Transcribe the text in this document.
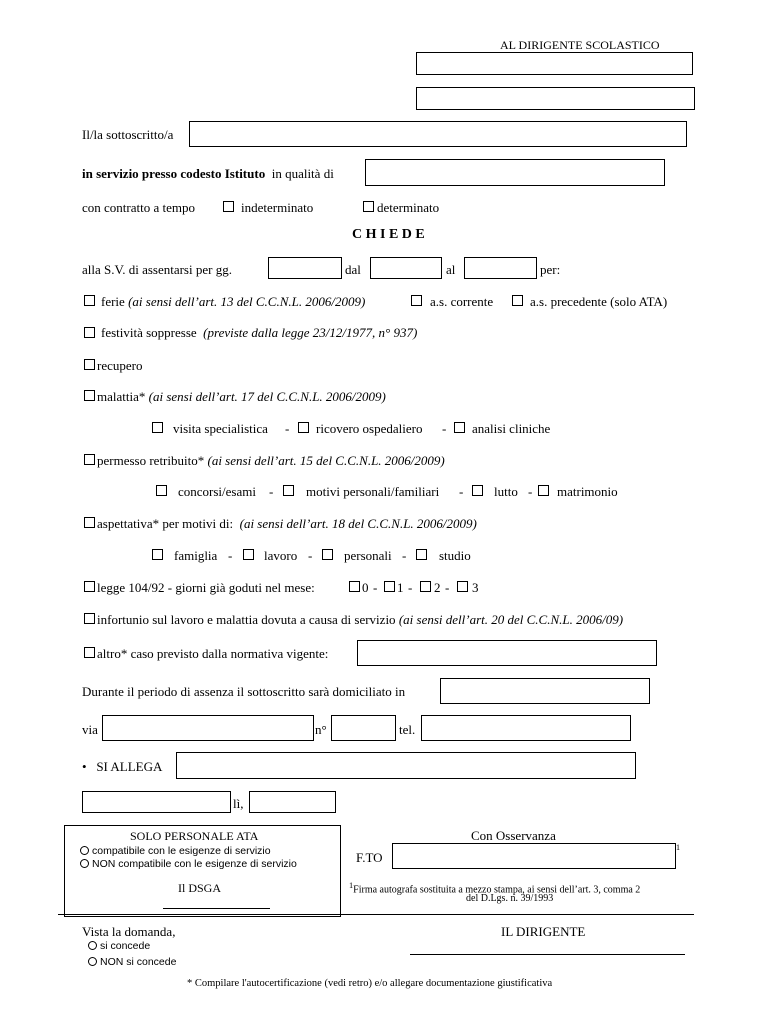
AL DIRIGENTE SCOLASTICO
Il/la sottoscritto/a
in servizio presso codesto Istituto in qualità di
con contratto a tempo	indeterminato	determinato
C H I E D E
alla S.V. di assentarsi per gg.	dal	al	per:
ferie (ai sensi dell’art. 13 del C.C.N.L. 2006/2009)	a.s. corrente	a.s. precedente (solo ATA)
festività soppresse (previste dalla legge 23/12/1977, n° 937)
recupero
malattia* (ai sensi dell’art. 17 del C.C.N.L. 2006/2009)
visita specialistica - ricovero ospedaliero - analisi cliniche
permesso retribuito* (ai sensi dell’art. 15 del C.C.N.L. 2006/2009)
concorsi/esami -	motivi personali/familiari - lutto - matrimonio
aspettativa* per motivi di: (ai sensi dell’art. 18 del C.C.N.L. 2006/2009)
famiglia - lavoro - personali -	studio
legge 104/92 - giorni già goduti nel mese:	0 - 1 - 2 - 3
infortunio sul lavoro e malattia dovuta a causa di servizio (ai sensi dell’art. 20 del C.C.N.L. 2006/09)
altro* caso previsto dalla normativa vigente:
Durante il periodo di assenza il sottoscritto sarà domiciliato in
via	n°	tel.
• SI ALLEGA
lì,
SOLO PERSONALE ATA
compatibile con le esigenze di servizio
NON compatibile con le esigenze di servizio
Il DSGA
Con Osservanza
F.TO
1
$^1$Firma autografa sostituita a mezzo stampa, ai sensi dell’art. 3, comma 2
del D.Lgs. n. 39/1993
Vista la domanda,
si concede
NON si concede
IL DIRIGENTE
* Compilare l'autocertificazione (vedi retro) e/o allegare documentazione giustificativa
